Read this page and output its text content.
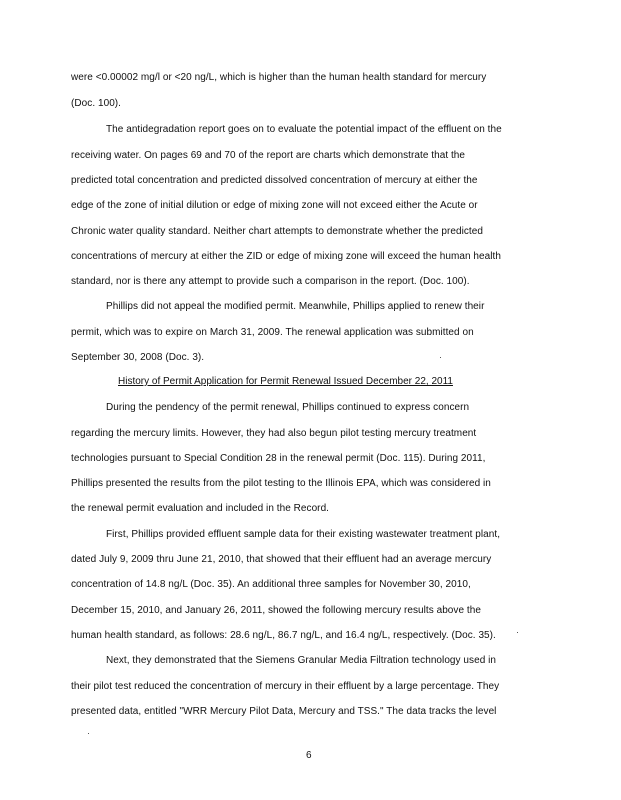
were <0.00002 mg/l or <20 ng/L, which is higher than the human health standard for mercury
(Doc. 100).
The antidegradation report goes on to evaluate the potential impact of the effluent on the
receiving water. On pages 69 and 70 of the report are charts which demonstrate that the
predicted total concentration and predicted dissolved concentration of mercury at either the
edge of the zone of initial dilution or edge of mixing zone will not exceed either the Acute or
Chronic water quality standard. Neither chart attempts to demonstrate whether the predicted
concentrations of mercury at either the ZID or edge of mixing zone will exceed the human health
standard, nor is there any attempt to provide such a comparison in the report. (Doc. 100).
Phillips did not appeal the modified permit. Meanwhile, Phillips applied to renew their
permit, which was to expire on March 31, 2009. The renewal application was submitted on
September 30, 2008 (Doc. 3).
History of Permit Application for Permit Renewal Issued December 22, 2011
During the pendency of the permit renewal, Phillips continued to express concern
regarding the mercury limits. However, they had also begun pilot testing mercury treatment
technologies pursuant to Special Condition 28 in the renewal permit (Doc. 115). During 2011,
Phillips presented the results from the pilot testing to the Illinois EPA, which was considered in
the renewal permit evaluation and included in the Record.
First, Phillips provided effluent sample data for their existing wastewater treatment plant,
dated July 9, 2009 thru June 21, 2010, that showed that their effluent had an average mercury
concentration of 14.8 ng/L (Doc. 35). An additional three samples for November 30, 2010,
December 15, 2010, and January 26, 2011, showed the following mercury results above the
human health standard, as follows: 28.6 ng/L, 86.7 ng/L, and 16.4 ng/L, respectively. (Doc. 35).
Next, they demonstrated that the Siemens Granular Media Filtration technology used in
their pilot test reduced the concentration of mercury in their effluent by a large percentage. They
presented data, entitled "WRR Mercury Pilot Data, Mercury and TSS." The data tracks the level
6
